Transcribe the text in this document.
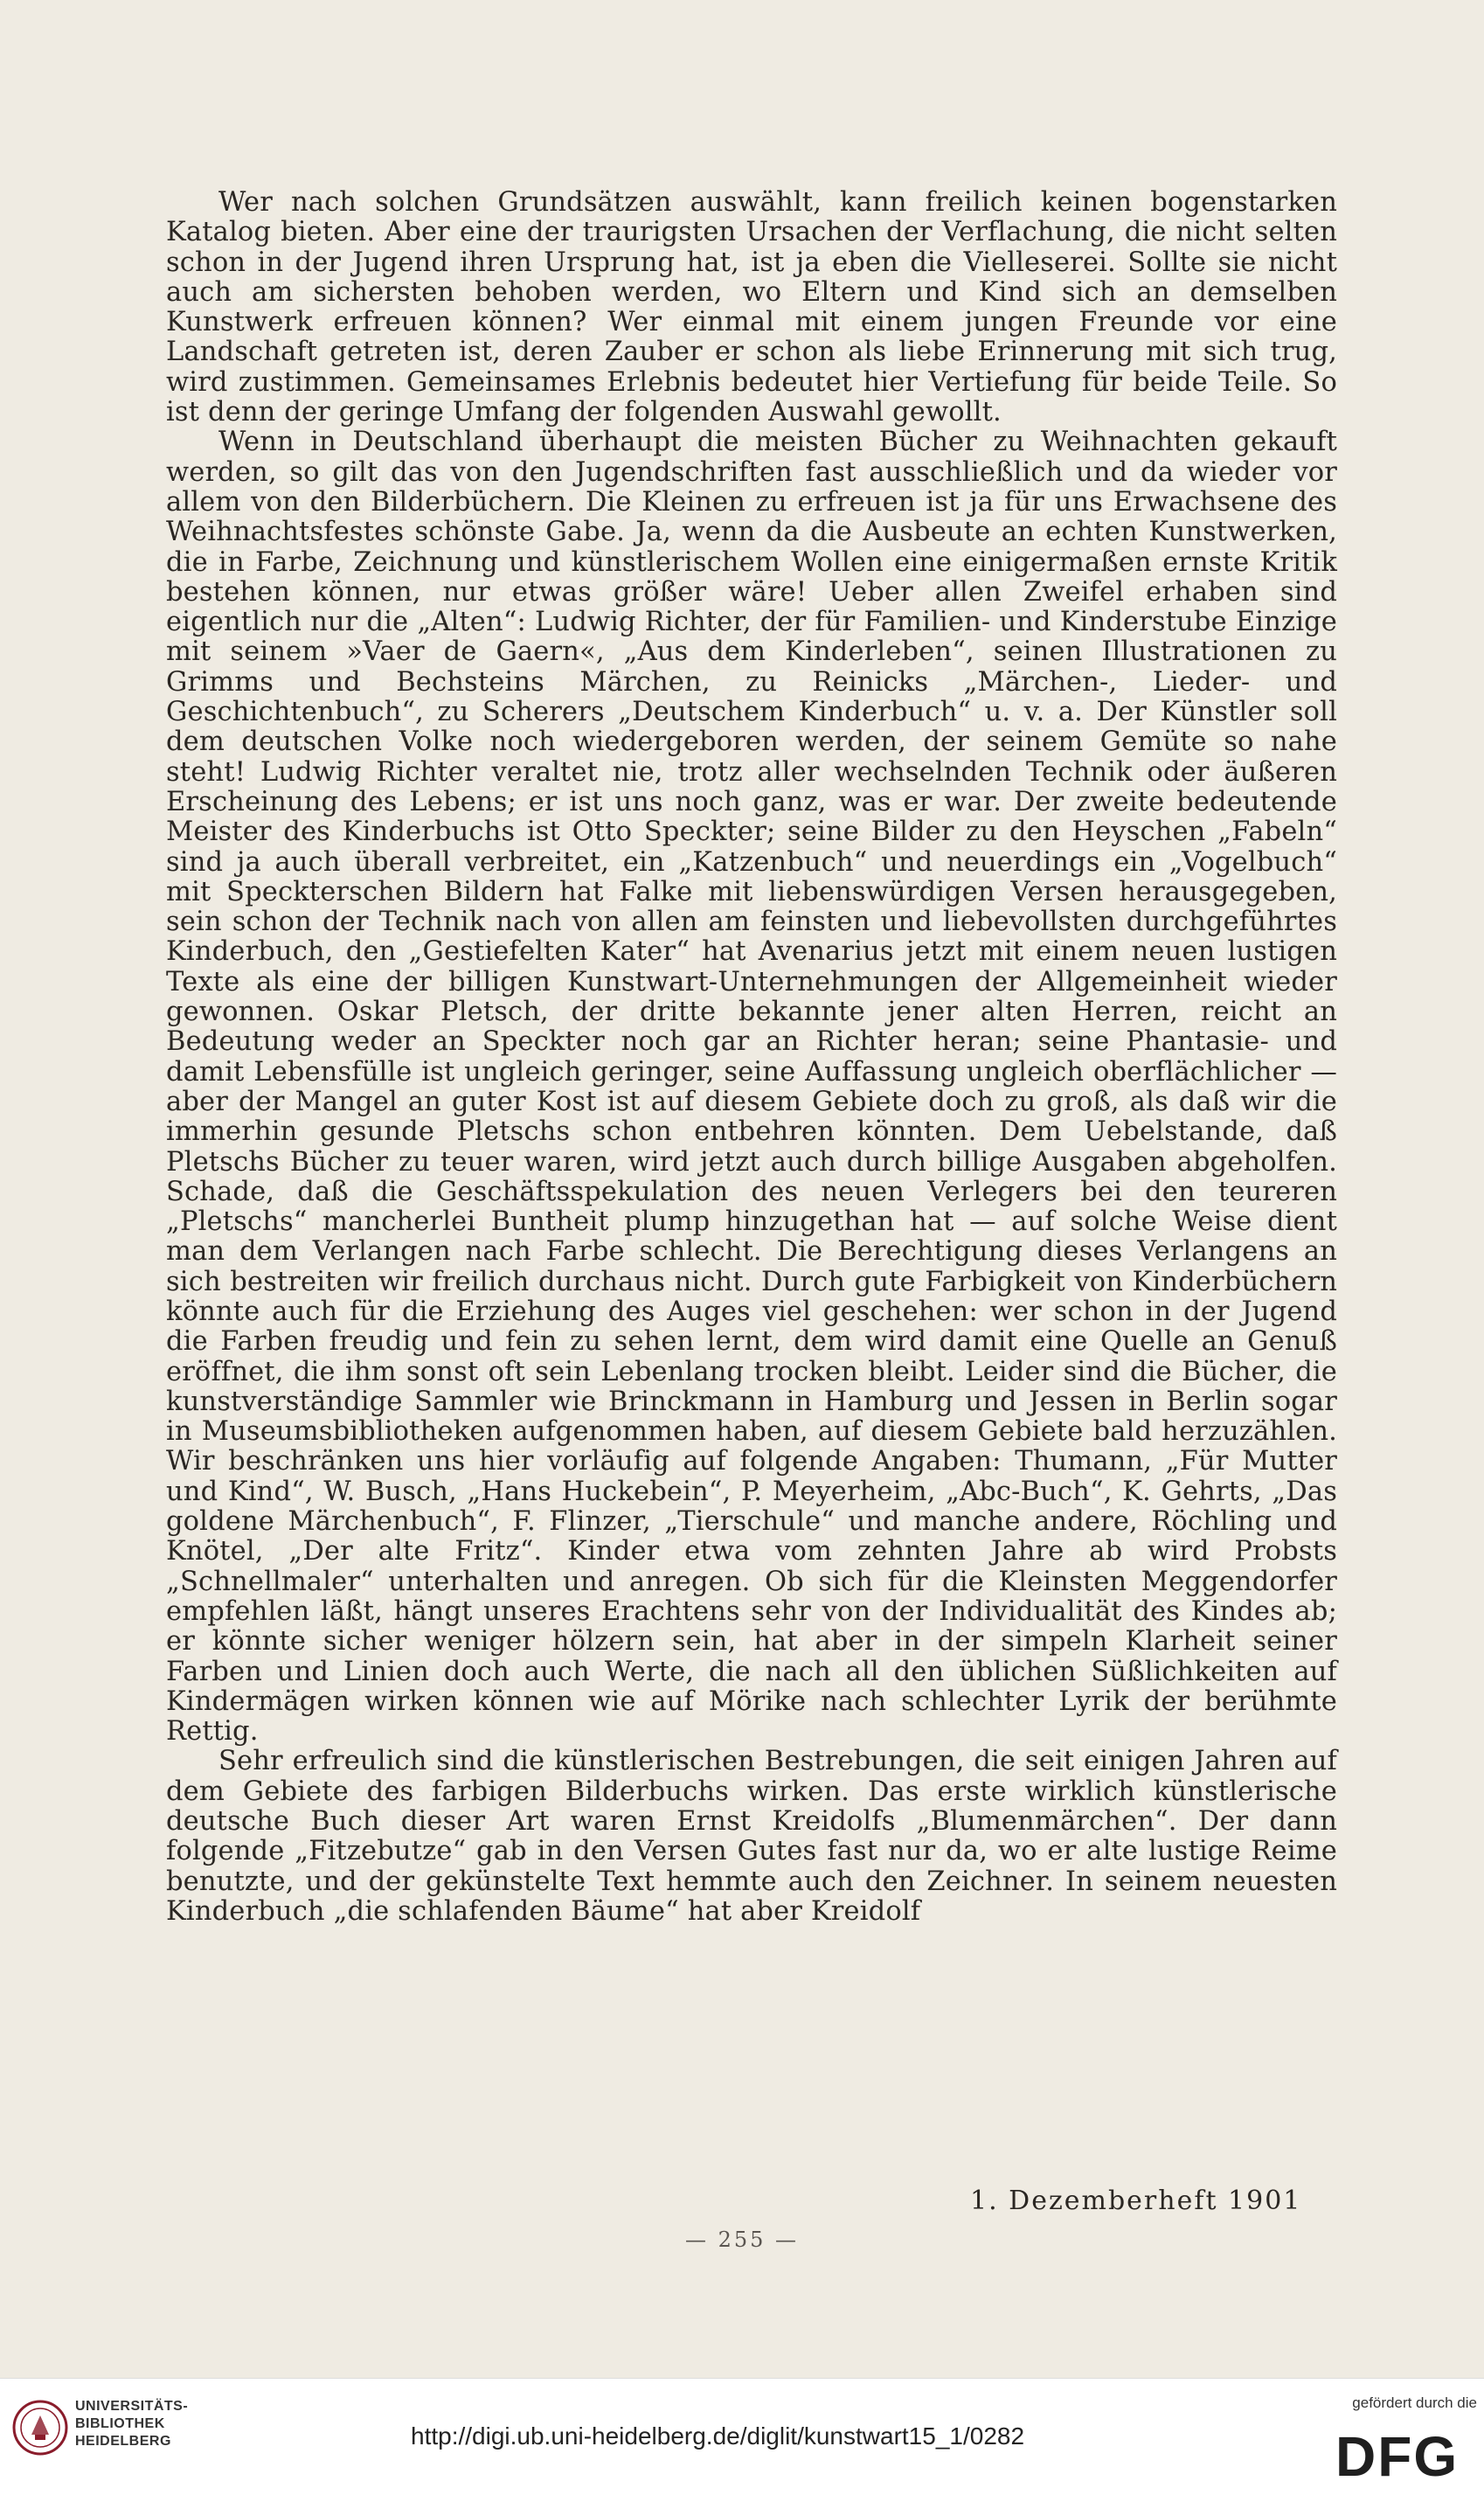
Wer nach solchen Grundsätzen auswählt, kann freilich keinen bogenstarken Katalog bieten. Aber eine der traurigsten Ursachen der Verflachung, die nicht selten schon in der Jugend ihren Ursprung hat, ist ja eben die Vielleserei. Sollte sie nicht auch am sichersten behoben werden, wo Eltern und Kind sich an demselben Kunstwerk erfreuen können? Wer einmal mit einem jungen Freunde vor eine Landschaft getreten ist, deren Zauber er schon als liebe Erinnerung mit sich trug, wird zustimmen. Gemeinsames Erlebnis bedeutet hier Vertiefung für beide Teile. So ist denn der geringe Umfang der folgenden Auswahl gewollt.

Wenn in Deutschland überhaupt die meisten Bücher zu Weihnachten gekauft werden, so gilt das von den Jugendschriften fast ausschließlich und da wieder vor allem von den Bilderbüchern. Die Kleinen zu erfreuen ist ja für uns Erwachsene des Weihnachtsfestes schönste Gabe. Ja, wenn da die Ausbeute an echten Kunstwerken, die in Farbe, Zeichnung und künstlerischem Wollen eine einigermaßen ernste Kritik bestehen können, nur etwas größer wäre! Ueber allen Zweifel erhaben sind eigentlich nur die „Alten“: Ludwig Richter, der für Familien- und Kinderstube Einzige mit seinem »Vaer de Gaern«, „Aus dem Kinderleben“, seinen Illustrationen zu Grimms und Bechsteins Märchen, zu Reinicks „Märchen-, Lieder- und Geschichtenbuch“, zu Scherers „Deutschem Kinderbuch“ u. v. a. Der Künstler soll dem deutschen Volke noch wiedergeboren werden, der seinem Gemüte so nahe steht! Ludwig Richter veraltet nie, trotz aller wechselnden Technik oder äußeren Erscheinung des Lebens; er ist uns noch ganz, was er war. Der zweite bedeutende Meister des Kinderbuchs ist Otto Speckter; seine Bilder zu den Heyschen „Fabeln“ sind ja auch überall verbreitet, ein „Katzenbuch“ und neuerdings ein „Vogelbuch“ mit Speckterschen Bildern hat Falke mit liebenswürdigen Versen herausgegeben, sein schon der Technik nach von allen am feinsten und liebevollsten durchgeführtes Kinderbuch, den „Gestiefelten Kater“ hat Avenarius jetzt mit einem neuen lustigen Texte als eine der billigen Kunstwart-Unternehmungen der Allgemeinheit wieder gewonnen. Oskar Pletsch, der dritte bekannte jener alten Herren, reicht an Bedeutung weder an Speckter noch gar an Richter heran; seine Phantasie- und damit Lebensfülle ist ungleich geringer, seine Auffassung ungleich oberflächlicher — aber der Mangel an guter Kost ist auf diesem Gebiete doch zu groß, als daß wir die immerhin gesunde Pletschs schon entbehren könnten. Dem Uebelstande, daß Pletschs Bücher zu teuer waren, wird jetzt auch durch billige Ausgaben abgeholfen. Schade, daß die Geschäftsspekulation des neuen Verlegers bei den teureren „Pletschs“ mancherlei Buntheit plump hinzugethan hat — auf solche Weise dient man dem Verlangen nach Farbe schlecht. Die Berechtigung dieses Verlangens an sich bestreiten wir freilich durchaus nicht. Durch gute Farbigkeit von Kinderbüchern könnte auch für die Erziehung des Auges viel geschehen: wer schon in der Jugend die Farben freudig und fein zu sehen lernt, dem wird damit eine Quelle an Genuß eröffnet, die ihm sonst oft sein Lebenlang trocken bleibt. Leider sind die Bücher, die kunstverständige Sammler wie Brinckmann in Hamburg und Jessen in Berlin sogar in Museumsbibliotheken aufgenommen haben, auf diesem Gebiete bald herzuzählen. Wir beschränken uns hier vorläufig auf folgende Angaben: Thumann, „Für Mutter und Kind“, W. Busch, „Hans Huckebein“, P. Meyerheim, „Abc-Buch“, K. Gehrts, „Das goldene Märchenbuch“, F. Flinzer, „Tierschule“ und manche andere, Röchling und Knötel, „Der alte Fritz“. Kinder etwa vom zehnten Jahre ab wird Probsts „Schnellmaler“ unterhalten und anregen. Ob sich für die Kleinsten Meggendorfer empfehlen läßt, hängt unseres Erachtens sehr von der Individualität des Kindes ab; er könnte sicher weniger hölzern sein, hat aber in der simpeln Klarheit seiner Farben und Linien doch auch Werte, die nach all den üblichen Süßlichkeiten auf Kindermägen wirken können wie auf Mörike nach schlechter Lyrik der berühmte Rettig.

Sehr erfreulich sind die künstlerischen Bestrebungen, die seit einigen Jahren auf dem Gebiete des farbigen Bilderbuchs wirken. Das erste wirklich künstlerische deutsche Buch dieser Art waren Ernst Kreidolfs „Blumenmärchen“. Der dann folgende „Fitzebutze“ gab in den Versen Gutes fast nur da, wo er alte lustige Reime benutzte, und der gekünstelte Text hemmte auch den Zeichner. In seinem neuesten Kinderbuch „die schlafenden Bäume“ hat aber Kreidolf

1. Dezemberheft 1901
— 255 —
UNIVERSITÄTS-
BIBLIOTHEK
HEIDELBERG	http://digi.ub.uni-heidelberg.de/diglit/kunstwart15_1/0282
gefördert durch die
DFG
